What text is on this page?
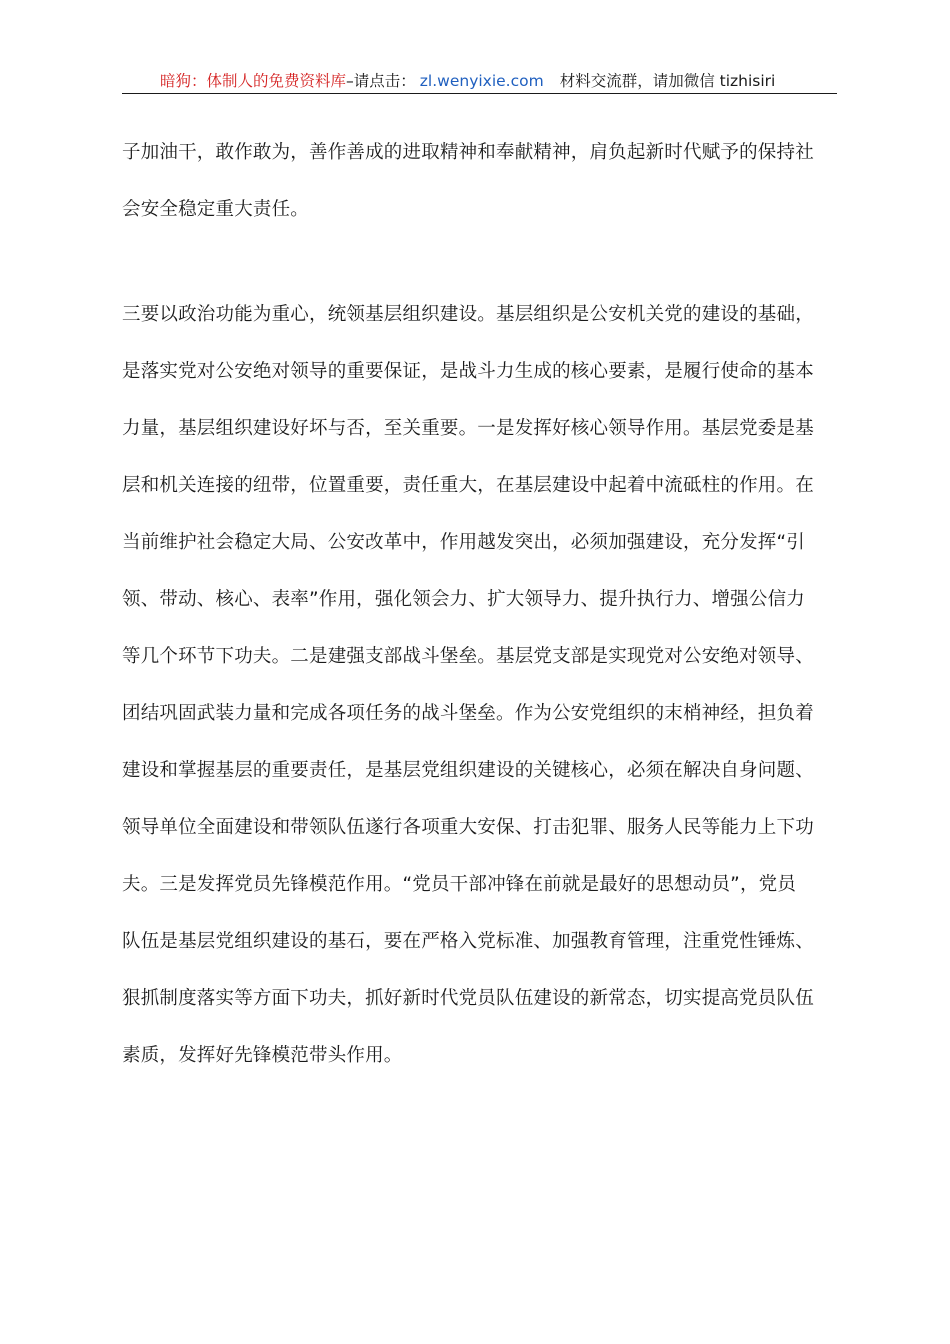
暗狗：体制人的免费资料库–请点击： zl.wenyixie.com 材料交流群，请加微信 tizhisiri
子加油干，敢作敢为，善作善成的进取精神和奉献精神，肩负起新时代赋予的保持社
会安全稳定重大责任。
三要以政治功能为重心，统领基层组织建设。基层组织是公安机关党的建设的基础，
是落实党对公安绝对领导的重要保证，是战斗力生成的核心要素，是履行使命的基本
力量，基层组织建设好坏与否，至关重要。一是发挥好核心领导作用。基层党委是基
层和机关连接的纽带，位置重要，责任重大，在基层建设中起着中流砥柱的作用。在
当前维护社会稳定大局、公安改革中，作用越发突出，必须加强建设，充分发挥“引
领、带动、核心、表率”作用，强化领会力、扩大领导力、提升执行力、增强公信力
等几个环节下功夫。二是建强支部战斗堡垒。基层党支部是实现党对公安绝对领导、
团结巩固武装力量和完成各项任务的战斗堡垒。作为公安党组织的末梢神经，担负着
建设和掌握基层的重要责任，是基层党组织建设的关键核心，必须在解决自身问题、
领导单位全面建设和带领队伍遂行各项重大安保、打击犯罪、服务人民等能力上下功
夫。三是发挥党员先锋模范作用。“党员干部冲锋在前就是最好的思想动员”，党员
队伍是基层党组织建设的基石，要在严格入党标准、加强教育管理，注重党性锤炼、
狠抓制度落实等方面下功夫，抓好新时代党员队伍建设的新常态，切实提高党员队伍
素质，发挥好先锋模范带头作用。
